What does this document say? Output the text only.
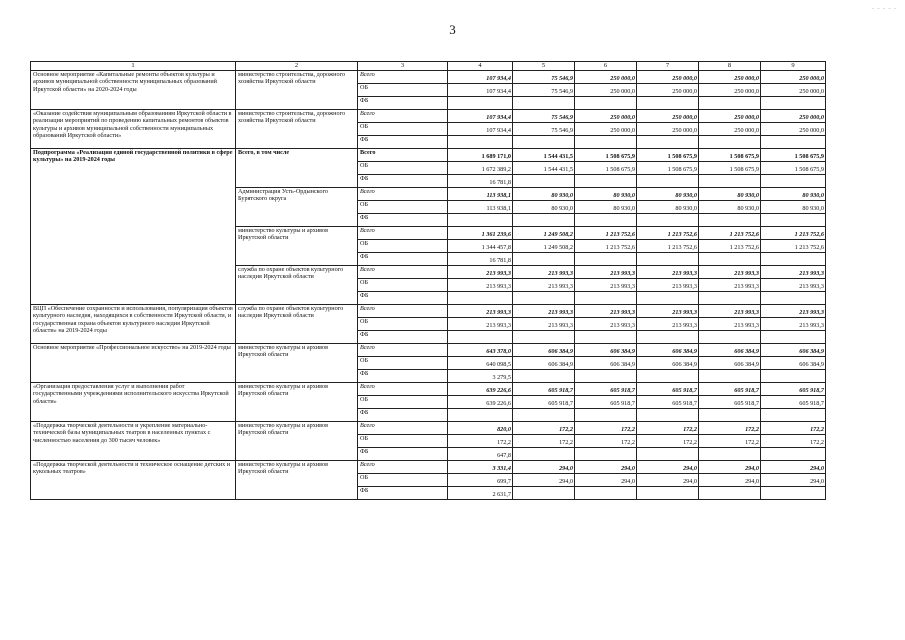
3
- - - - -
1	2	3	4	5	6	7	8	9
Основное мероприятие «Капитальные ремонты объектов культуры и архивов муниципальной собственности муниципальных образований Иркутской области» на 2020-2024 годы	министерство строительства, дорожного хозяйства Иркутской области	Всего	107 934,4	75 546,9	250 000,0	250 000,0	250 000,0	250 000,0
		ОБ	107 934,4	75 546,9	250 000,0	250 000,0	250 000,0	250 000,0
		ФБ						
«Оказание содействия муниципальным образованиям Иркутской области в реализации мероприятий по проведению капитальных ремонтов объектов культуры и архивов муниципальной собственности муниципальных образований Иркутской области»	министерство строительства, дорожного хозяйства Иркутской области	Всего	107 934,4	75 546,9	250 000,0	250 000,0	250 000,0	250 000,0
		ОБ	107 934,4	75 546,9	250 000,0	250 000,0	250 000,0	250 000,0
		ФБ						
Подпрограмма «Реализация единой государственной политики в сфере культуры» на 2019-2024 годы	Всего, в том числе	Всего	1 689 171,0	1 544 431,5	1 508 675,9	1 508 675,9	1 508 675,9	1 508 675,9
		ОБ	1 672 389,2	1 544 431,5	1 508 675,9	1 508 675,9	1 508 675,9	1 508 675,9
		ФБ	16 781,8					
	Администрация Усть-Ордынского Бурятского округа	Всего	113 938,1	80 930,0	80 930,0	80 930,0	80 930,0	80 930,0
		ОБ	113 938,1	80 930,0	80 930,0	80 930,0	80 930,0	80 930,0
		ФБ						
	министерство культуры и архивов Иркутской области	Всего	1 361 239,6	1 249 508,2	1 213 752,6	1 213 752,6	1 213 752,6	1 213 752,6
		ОБ	1 344 457,8	1 249 508,2	1 213 752,6	1 213 752,6	1 213 752,6	1 213 752,6
		ФБ	16 781,8					
	служба по охране объектов культурного наследия Иркутской области	Всего	213 993,3	213 993,3	213 993,3	213 993,3	213 993,3	213 993,3
		ОБ	213 993,3	213 993,3	213 993,3	213 993,3	213 993,3	213 993,3
		ФБ						
ВЦП «Обеспечение сохранности и использования, популяризация объектов культурного наследия, находящихся в собственности Иркутской области, и государственная охрана объектов культурного наследия Иркутской области» на 2019-2024 годы	служба по охране объектов культурного наследия Иркутской области	Всего	213 993,3	213 993,3	213 993,3	213 993,3	213 993,3	213 993,3
		ОБ	213 993,3	213 993,3	213 993,3	213 993,3	213 993,3	213 993,3
		ФБ						
Основное мероприятие «Профессиональное искусство» на 2019-2024 годы	министерство культуры и архивов Иркутской области	Всего	643 378,0	606 384,9	606 384,9	606 384,9	606 384,9	606 384,9
		ОБ	640 098,5	606 384,9	606 384,9	606 384,9	606 384,9	606 384,9
		ФБ	3 279,5					
«Организация предоставления услуг и выполнения работ государственными учреждениями исполнительского искусства Иркутской области»	министерство культуры и архивов Иркутской области	Всего	639 226,6	605 918,7	605 918,7	605 918,7	605 918,7	605 918,7
		ОБ	639 226,6	605 918,7	605 918,7	605 918,7	605 918,7	605 918,7
		ФБ						
«Поддержка творческой деятельности и укрепление материально-технической базы муниципальных театров в населенных пунктах с численностью населения до 300 тысяч человек»	министерство культуры и архивов Иркутской области	Всего	820,0	172,2	172,2	172,2	172,2	172,2
		ОБ	172,2	172,2	172,2	172,2	172,2	172,2
		ФБ	647,8					
«Поддержка творческой деятельности и техническое оснащение детских и кукольных театров»	министерство культуры и архивов Иркутской области	Всего	3 331,4	294,0	294,0	294,0	294,0	294,0
		ОБ	699,7	294,0	294,0	294,0	294,0	294,0
		ФБ	2 631,7					
